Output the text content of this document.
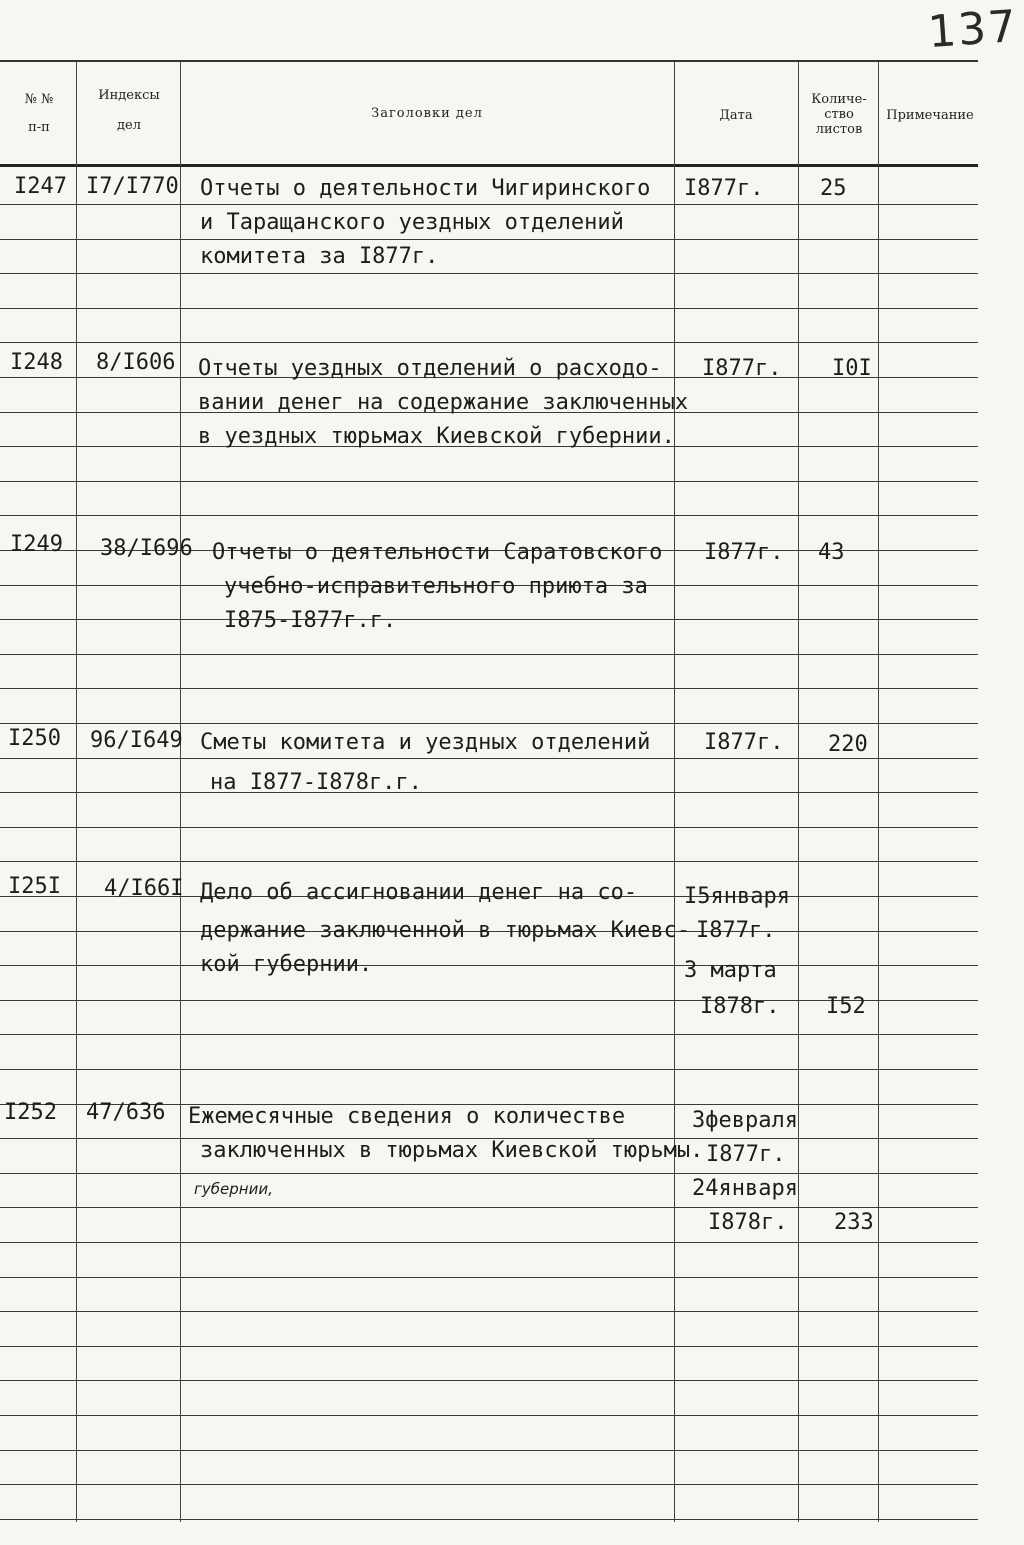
137
№ №
п-п
Индексы
дел
Заголовки дел	Дата
Количе-
ство
листов
Примечание
I247 I7/I770 Отчеты о деятельности Чигиринского
и Таращанского уездных отделений
комитета за I877г.
I877г.	25
I248 8/I606 Отчеты уездных отделений о расходо-
вании денег на содержание заключенных
в уездных тюрьмах Киевской губернии.
I877г. I0I
I249 38/I696 Отчеты о деятельности Саратовского
учебно-исправительного приюта за
I875-I877г.г.
I877г. 43
I250 96/I649 Сметы комитета и уездных отделений
на I877-I878г.г.
I877г. 220
I25I 4/I66I Дело об ассигновании денег на со-
держание заключенной в тюрьмах Киевс-
кой губернии.
I5января
I877г.
3 марта
I878г. I52
I252 47/636 Ежемесячные сведения о количестве
заключенных в тюрьмах Киевской тюрьмы.
губернии,
3февраля
I877г.
24января
I878г. 233
